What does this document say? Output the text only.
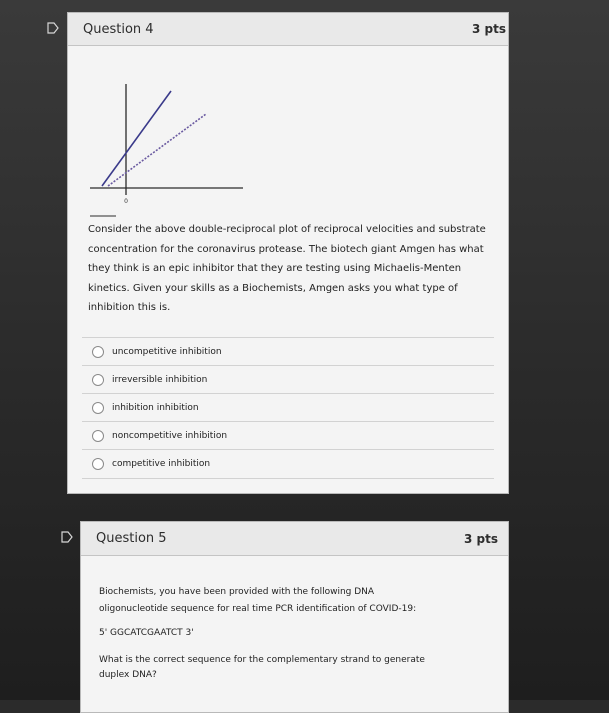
Question 4	3 pts
0
Consider the above double-reciprocal plot of reciprocal velocities and substrate concentration for the coronavirus protease. The biotech giant Amgen has what they think is an epic inhibitor that they are testing using Michaelis-Menten kinetics. Given your skills as a Biochemists, Amgen asks you what type of inhibition this is.
uncompetitive inhibition
irreversible inhibition
inhibition inhibition
noncompetitive inhibition
competitive inhibition
Question 5	3 pts
Biochemists, you have been provided with the following DNA
oligonucleotide sequence for real time PCR identification of COVID-19:
5' GGCATCGAATCT 3'
What is the correct sequence for the complementary strand to generate
duplex DNA?
